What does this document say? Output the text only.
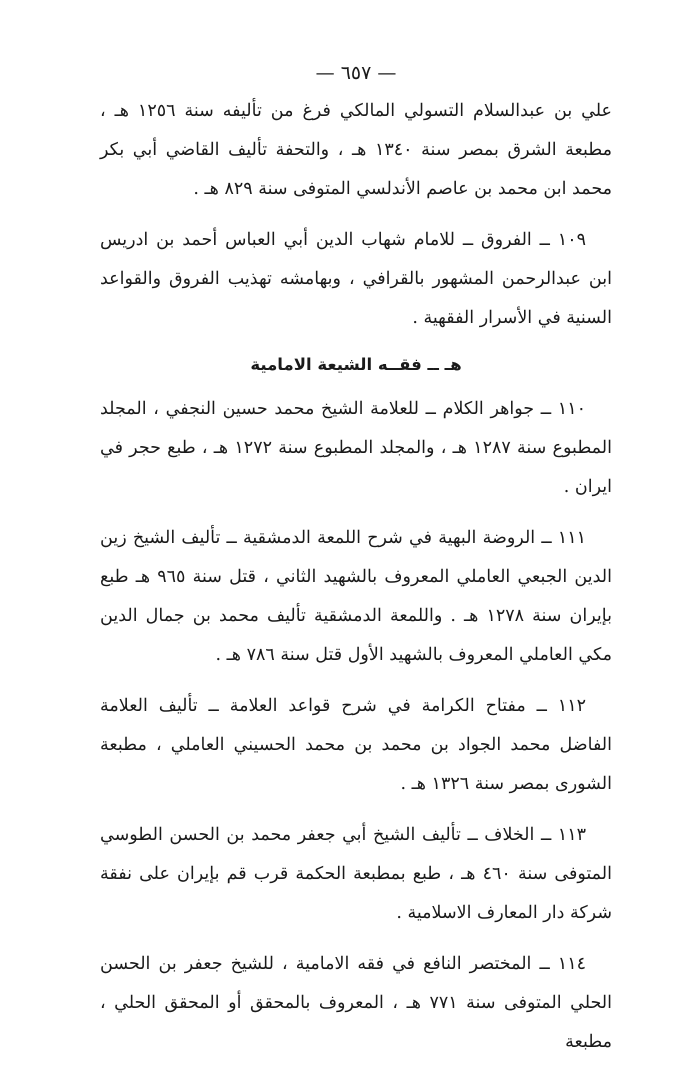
— ٦٥٧ —

علي بن عبدالسلام التسولي المالكي فرغ من تأليفه سنة ١٢٥٦ هـ ، مطبعة الشرق بمصر سنة ١٣٤٠ هـ ، والتحفة تأليف القاضي أبي بكر محمد ابن محمد بن عاصم الأندلسي المتوفى سنة ٨٢٩ هـ .

١٠٩ ــ الفروق ــ للامام شهاب الدين أبي العباس أحمد بن ادريس ابن عبدالرحمن المشهور بالقرافي ، وبهامشه تهذيب الفروق والقواعد السنية في الأسرار الفقهية .

هـ ــ فقــه الشيعة الامامية

١١٠ ــ جواهر الكلام ــ للعلامة الشيخ محمد حسين النجفي ، المجلد المطبوع سنة ١٢٨٧ هـ ، والمجلد المطبوع سنة ١٢٧٢ هـ ، طبع حجر في ايران .

١١١ ــ الروضة البهية في شرح اللمعة الدمشقية ــ تأليف الشيخ زين الدين الجبعي العاملي المعروف بالشهيد الثاني ، قتل سنة ٩٦٥ هـ طبع بإيران سنة ١٢٧٨ هـ . واللمعة الدمشقية تأليف محمد بن جمال الدين مكي العاملي المعروف بالشهيد الأول قتل سنة ٧٨٦ هـ .

١١٢ ــ مفتاح الكرامة في شرح قواعد العلامة ــ تأليف العلامة الفاضل محمد الجواد بن محمد بن محمد الحسيني العاملي ، مطبعة الشورى بمصر سنة ١٣٢٦ هـ .

١١٣ ــ الخلاف ــ تأليف الشيخ أبي جعفر محمد بن الحسن الطوسي المتوفى سنة ٤٦٠ هـ ، طبع بمطبعة الحكمة قرب قم بإيران على نفقة شركة دار المعارف الاسلامية .

١١٤ ــ المختصر النافع في فقه الامامية ، للشيخ جعفر بن الحسن الحلي المتوفى سنة ٧٧١ هـ ، المعروف بالمحقق أو المحقق الحلي ، مطبعة
